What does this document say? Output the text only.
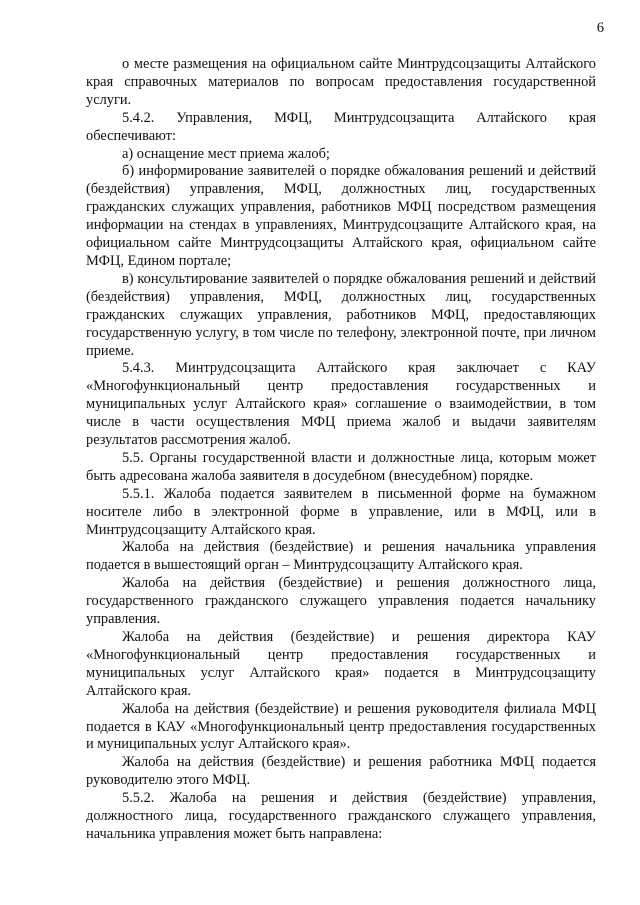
6

о месте размещения на официальном сайте Минтрудсоцзащиты Алтайского края справочных материалов по вопросам предоставления государственной услуги.

5.4.2. Управления, МФЦ, Минтрудсоцзащита Алтайского края обеспечивают:

а) оснащение мест приема жалоб;

б) информирование заявителей о порядке обжалования решений и действий (бездействия) управления, МФЦ, должностных лиц, государственных гражданских служащих управления, работников МФЦ посредством размещения информации на стендах в управлениях, Минтрудсоцзащите Алтайского края, на официальном сайте Минтрудсоцзащиты Алтайского края, официальном сайте МФЦ, Едином портале;

в) консультирование заявителей о порядке обжалования решений и действий (бездействия) управления, МФЦ, должностных лиц, государственных гражданских служащих управления, работников МФЦ, предоставляющих государственную услугу, в том числе по телефону, электронной почте, при личном приеме.

5.4.3. Минтрудсоцзащита Алтайского края заключает с КАУ «Многофункциональный центр предоставления государственных и муниципальных услуг Алтайского края» соглашение о взаимодействии, в том числе в части осуществления МФЦ приема жалоб и выдачи заявителям результатов рассмотрения жалоб.

5.5. Органы государственной власти и должностные лица, которым может быть адресована жалоба заявителя в досудебном (внесудебном) порядке.

5.5.1. Жалоба подается заявителем в письменной форме на бумажном носителе либо в электронной форме в управление, или в МФЦ, или в Минтрудсоцзащиту Алтайского края.

Жалоба на действия (бездействие) и решения начальника управления подается в вышестоящий орган – Минтрудсоцзащиту Алтайского края.

Жалоба на действия (бездействие) и решения должностного лица, государственного гражданского служащего управления подается начальнику управления.

Жалоба на действия (бездействие) и решения директора КАУ «Многофункциональный центр предоставления государственных и муниципальных услуг Алтайского края» подается в Минтрудсоцзащиту Алтайского края.

Жалоба на действия (бездействие) и решения руководителя филиала МФЦ подается в КАУ «Многофункциональный центр предоставления государственных и муниципальных услуг Алтайского края».

Жалоба на действия (бездействие) и решения работника МФЦ подается руководителю этого МФЦ.

5.5.2. Жалоба на решения и действия (бездействие) управления, должностного лица, государственного гражданского служащего управления, начальника управления может быть направлена:
